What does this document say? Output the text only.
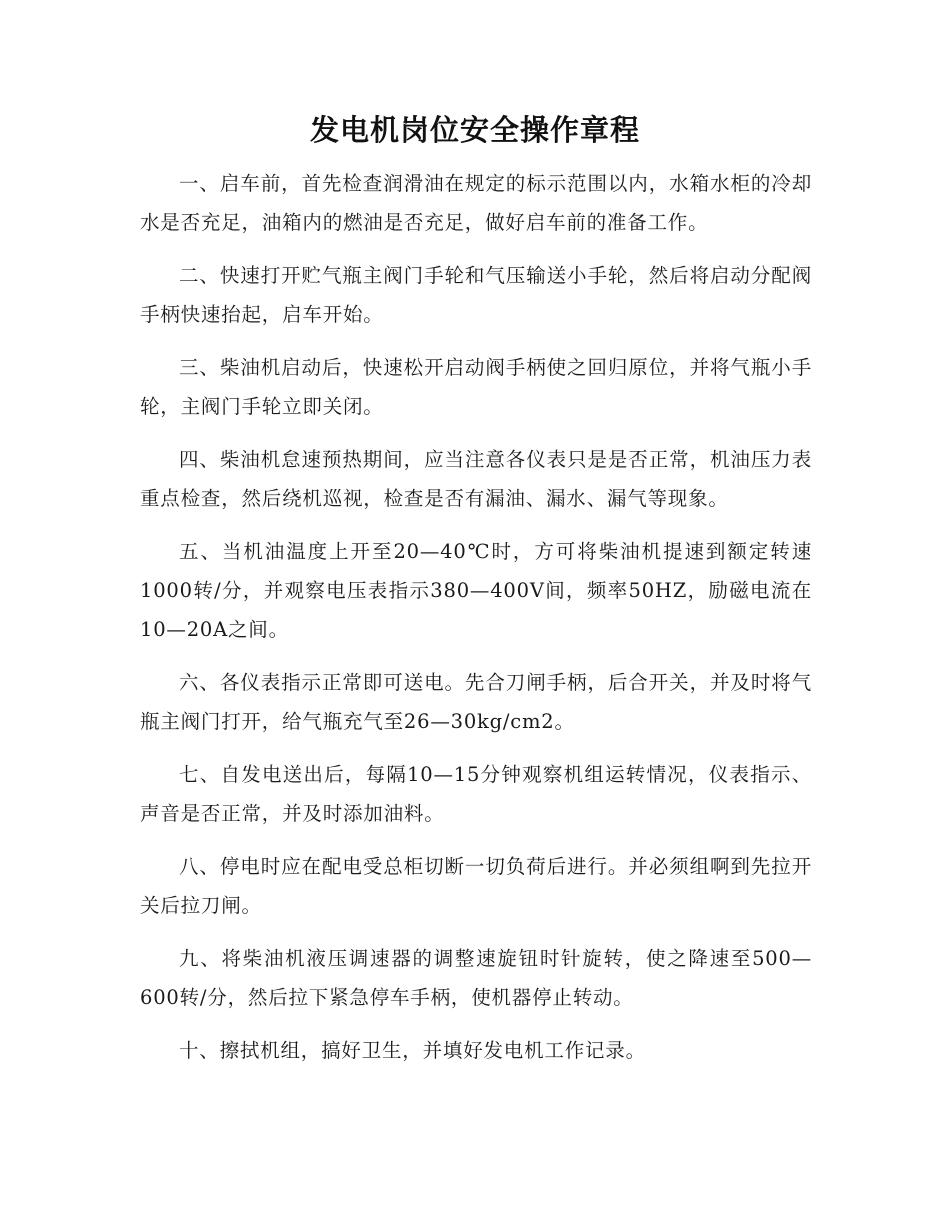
发电机岗位安全操作章程

一、启车前，首先检查润滑油在规定的标示范围以内，水箱水柜的冷却水是否充足，油箱内的燃油是否充足，做好启车前的准备工作。

二、快速打开贮气瓶主阀门手轮和气压输送小手轮，然后将启动分配阀手柄快速抬起，启车开始。

三、柴油机启动后，快速松开启动阀手柄使之回归原位，并将气瓶小手轮，主阀门手轮立即关闭。

四、柴油机怠速预热期间，应当注意各仪表只是是否正常，机油压力表重点检查，然后绕机巡视，检查是否有漏油、漏水、漏气等现象。

五、当机油温度上开至20—40℃时，方可将柴油机提速到额定转速1000转/分，并观察电压表指示380—400V间，频率50HZ，励磁电流在10—20A之间。

六、各仪表指示正常即可送电。先合刀闸手柄，后合开关，并及时将气瓶主阀门打开，给气瓶充气至26—30kg/cm2。

七、自发电送出后，每隔10—15分钟观察机组运转情况，仪表指示、声音是否正常，并及时添加油料。

八、停电时应在配电受总柜切断一切负荷后进行。并必须组啊到先拉开关后拉刀闸。

九、将柴油机液压调速器的调整速旋钮时针旋转，使之降速至500—600转/分，然后拉下紧急停车手柄，使机器停止转动。

十、擦拭机组，搞好卫生，并填好发电机工作记录。
